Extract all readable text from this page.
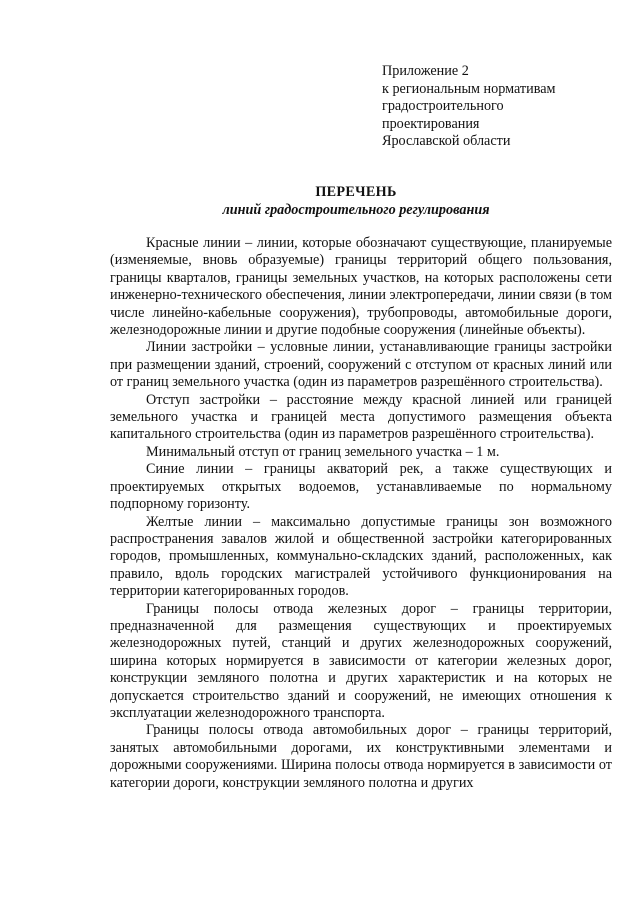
Приложение 2
к региональным нормативам
градостроительного
проектирования
Ярославской области
ПЕРЕЧЕНЬ
линий градостроительного регулирования

Красные линии – линии, которые обозначают существующие, планируемые (изменяемые, вновь образуемые) границы территорий общего пользования, границы кварталов, границы земельных участков, на которых расположены сети инженерно-технического обеспечения, линии электропередачи, линии связи (в том числе линейно-кабельные сооружения), трубопроводы, автомобильные дороги, железнодорожные линии и другие подобные сооружения (линейные объекты).

Линии застройки – условные линии, устанавливающие границы застройки при размещении зданий, строений, сооружений с отступом от красных линий или от границ земельного участка (один из параметров разрешённого строительства).

Отступ застройки – расстояние между красной линией или границей земельного участка и границей места допустимого размещения объекта капитального строительства (один из параметров разрешённого строительства).

Минимальный отступ от границ земельного участка – 1 м.

Синие линии – границы акваторий рек, а также существующих и проектируемых открытых водоемов, устанавливаемые по нормальному подпорному горизонту.

Желтые линии – максимально допустимые границы зон возможного распространения завалов жилой и общественной застройки категорированных городов, промышленных, коммунально-складских зданий, расположенных, как правило, вдоль городских магистралей устойчивого функционирования на территории категорированных городов.

Границы полосы отвода железных дорог – границы территории, предназначенной для размещения существующих и проектируемых железнодорожных путей, станций и других железнодорожных сооружений, ширина которых нормируется в зависимости от категории железных дорог, конструкции земляного полотна и других характеристик и на которых не допускается строительство зданий и сооружений, не имеющих отношения к эксплуатации железнодорожного транспорта.

Границы полосы отвода автомобильных дорог – границы территорий, занятых автомобильными дорогами, их конструктивными элементами и дорожными сооружениями. Ширина полосы отвода нормируется в зависимости от категории дороги, конструкции земляного полотна и других
